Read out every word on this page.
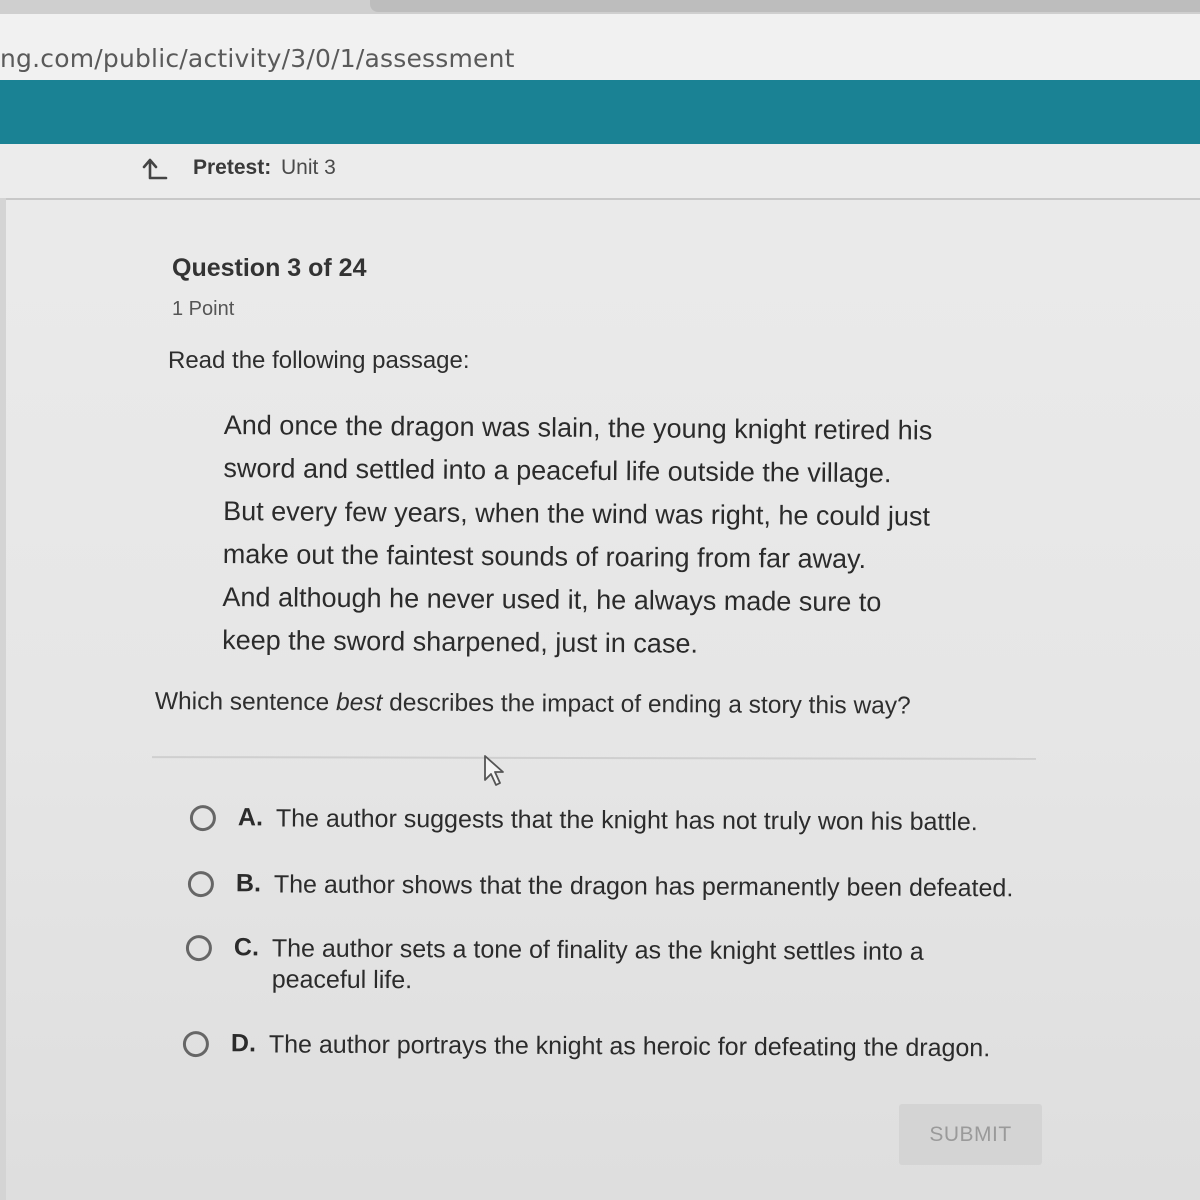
ng.com/public/activity/3/0/1/assessment
Pretest: Unit 3
Question 3 of 24
1 Point
Read the following passage:
And once the dragon was slain, the young knight retired his
sword and settled into a peaceful life outside the village.
But every few years, when the wind was right, he could just
make out the faintest sounds of roaring from far away.
And although he never used it, he always made sure to
keep the sword sharpened, just in case.
Which sentence best describes the impact of ending a story this way?
A. The author suggests that the knight has not truly won his battle.
B. The author shows that the dragon has permanently been defeated.
C. The author sets a tone of finality as the knight settles into a peaceful life.
D. The author portrays the knight as heroic for defeating the dragon.
SUBMIT
